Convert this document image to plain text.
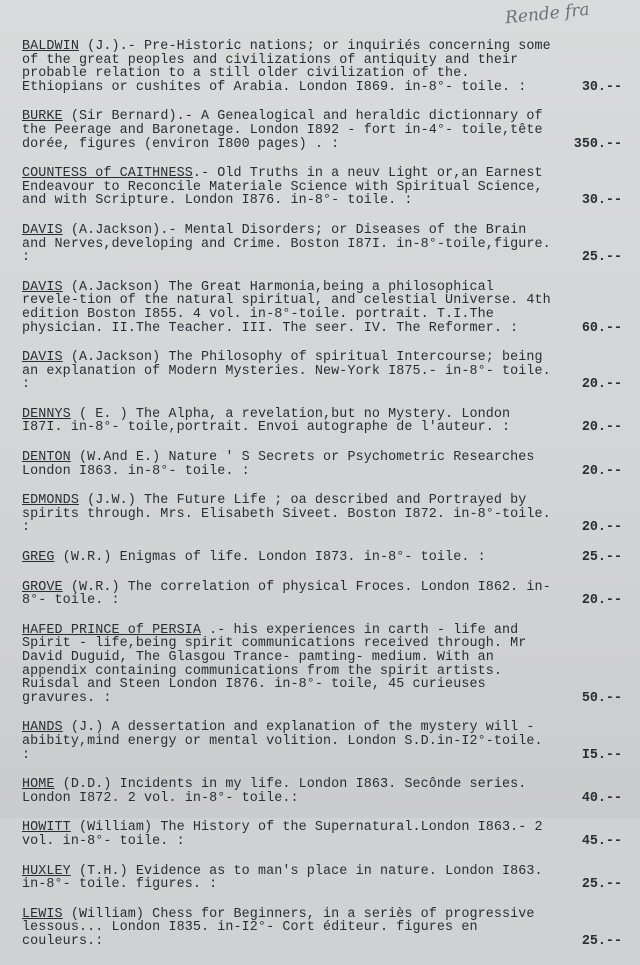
Rende fra
BALDWIN (J.).- Pre-Historic nations; or inquiriés concerning some of the great peoples and civilizations of antiquity and their probable relation to a still older civilization of the. Ethiopians or cushites of Arabia. London I869. in-8°- toile. :	30.--
BURKE (Sir Bernard).- A Genealogical and heraldic dictionnary of the Peerage and Baronetage. London I892 - fort in-4°- toile,tête dorée, figures (environ I800 pages) . :	350.--
COUNTESS of CAITHNESS.- Old Truths in a neuv Light or,an Earnest Endeavour to Reconcile Materiale Science with Spiritual Science, and with Scripture. London I876. in-8°- toile. :	30.--
DAVIS (A.Jackson).- Mental Disorders; or Diseases of the Brain and Nerves,developing and Crime. Boston I87I. in-8°-toile,figure. :	25.--
DAVIS (A.Jackson) The Great Harmonia,being a philosophical revele-tion of the natural spiritual, and celestial Universe. 4th edition Boston I855. 4 vol. in-8°-toile. portrait. T.I.The physician. II.The Teacher. III. The seer. IV. The Reformer. :	60.--
DAVIS (A.Jackson) The Philosophy of spiritual Intercourse; being an explanation of Modern Mysteries. New-York I875.- in-8°- toile. :	20.--
DENNYS ( E. ) The Alpha, a revelation,but no Mystery. London I87I. in-8°- toile,portrait. Envoi autographe de l'auteur. :	20.--
DENTON (W.And E.) Nature ' S Secrets or Psychometric Researches London I863. in-8°- toile. :	20.--
EDMONDS (J.W.) The Future Life ; oa described and Portrayed by spirits through. Mrs. Elisabeth Siveet. Boston I872. in-8°-toile. :	20.--
GREG (W.R.) Enigmas of life. London I873. in-8°- toile. :	25.--
GROVE (W.R.) The correlation of physical Froces. London I862. in-8°- toile. :	20.--
HAFED PRINCE of PERSIA .- his experiences in carth - life and Spirit - life,being spirit communications received through. Mr David Duguid, The Glasgou Trance- pamting- medium. With an appendix containing communications from the spirit artists. Ruisdal and Steen London I876. in-8°- toile, 45 curieuses gravures. :	50.--
HANDS (J.) A dessertation and explanation of the mystery will - abibity,mind energy or mental volition. London S.D.in-I2°-toile. :	I5.--
HOME (D.D.) Incidents in my life. London I863. Secônde series. London I872. 2 vol. in-8°- toile.:	40.--
HOWITT (William) The History of the Supernatural.London I863.- 2 vol. in-8°- toile. :	45.--
HUXLEY (T.H.) Evidence as to man's place in nature. London I863. in-8°- toile. figures. :	25.--
LEWIS (William) Chess for Beginners, in a seriès of progressive lessous... London I835. in-I2°- Cort éditeur. figures en couleurs.:	25.--
